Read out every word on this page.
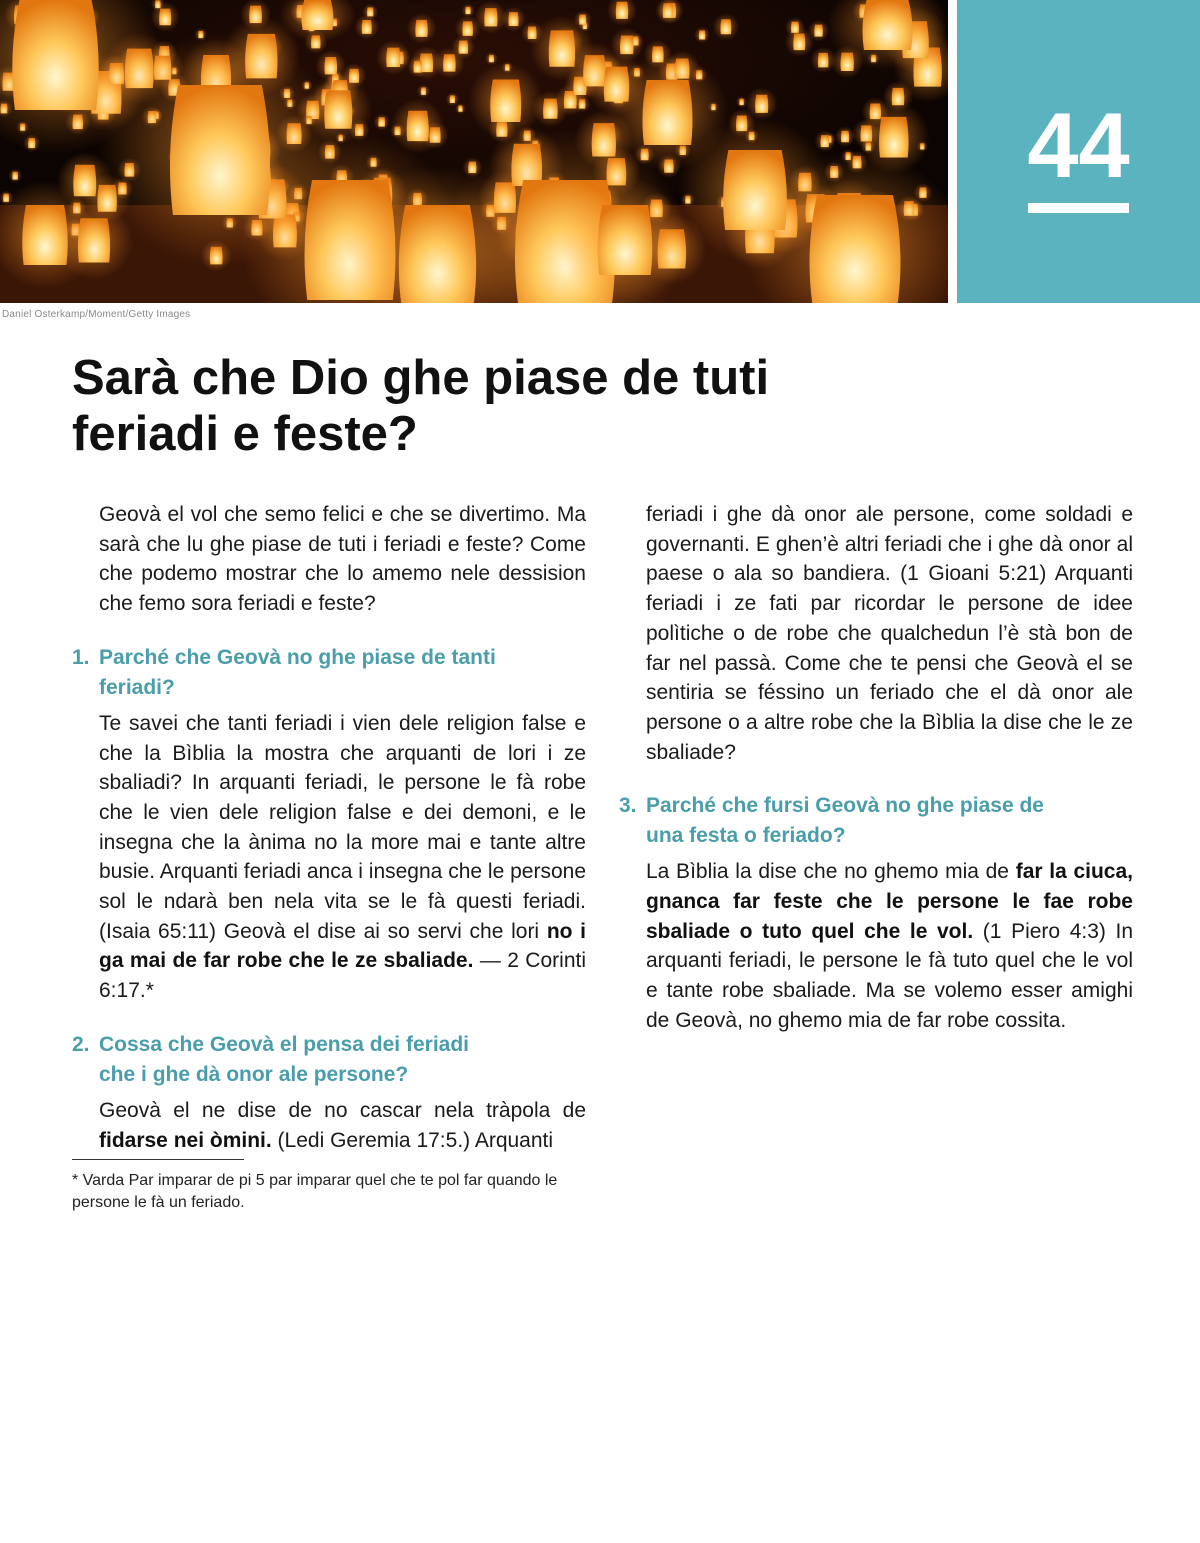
Daniel Osterkamp/Moment/Getty Images
44
Sarà che Dio ghe piase de tuti feriadi e feste?

Geovà el vol che semo felici e che se divertimo. Ma sarà che lu ghe piase de tuti i feriadi e feste? Come che podemo mostrar che lo amemo nele dessision che femo sora feriadi e feste?

1. Parché che Geovà no ghe piase de tanti feriadi?

Te savei che tanti feriadi i vien dele religion false e che la Bìblia la mostra che arquanti de lori i ze sbaliadi? In arquanti feriadi, le persone le fà robe che le vien dele religion false e dei demoni, e le insegna che la ànima no la more mai e tante altre busie. Arquanti feriadi anca i insegna che le persone sol le ndarà ben nela vita se le fà questi feriadi. (Isaia 65:11) Geovà el dise ai so servi che lori no i ga mai de far robe che le ze sbaliade. — 2 Corinti 6:17.*

2. Cossa che Geovà el pensa dei feriadi che i ghe dà onor ale persone?

Geovà el ne dise de no cascar nela tràpola de fidarse nei òmini. (Ledi Geremia 17:5.) Arquanti

* Varda Par imparar de pi 5 par imparar quel che te pol far quando le persone le fà un feriado.

feriadi i ghe dà onor ale persone, come soldadi e governanti. E ghen’è altri feriadi che i ghe dà onor al paese o ala so bandiera. (1 Gioani 5:21) Arquanti feriadi i ze fati par ricordar le persone de idee polìtiche o de robe che qualchedun l’è stà bon de far nel passà. Come che te pensi che Geovà el se sentiria se féssino un feriado che el dà onor ale persone o a altre robe che la Bìblia la dise che le ze sbaliade?

3. Parché che fursi Geovà no ghe piase de una festa o feriado?

La Bìblia la dise che no ghemo mia de far la ciuca, gnanca far feste che le persone le fae robe sbaliade o tuto quel che le vol. (1 Piero 4:3) In arquanti feriadi, le persone le fà tuto quel che le vol e tante robe sbaliade. Ma se volemo esser amighi de Geovà, no ghemo mia de far robe cossita.
